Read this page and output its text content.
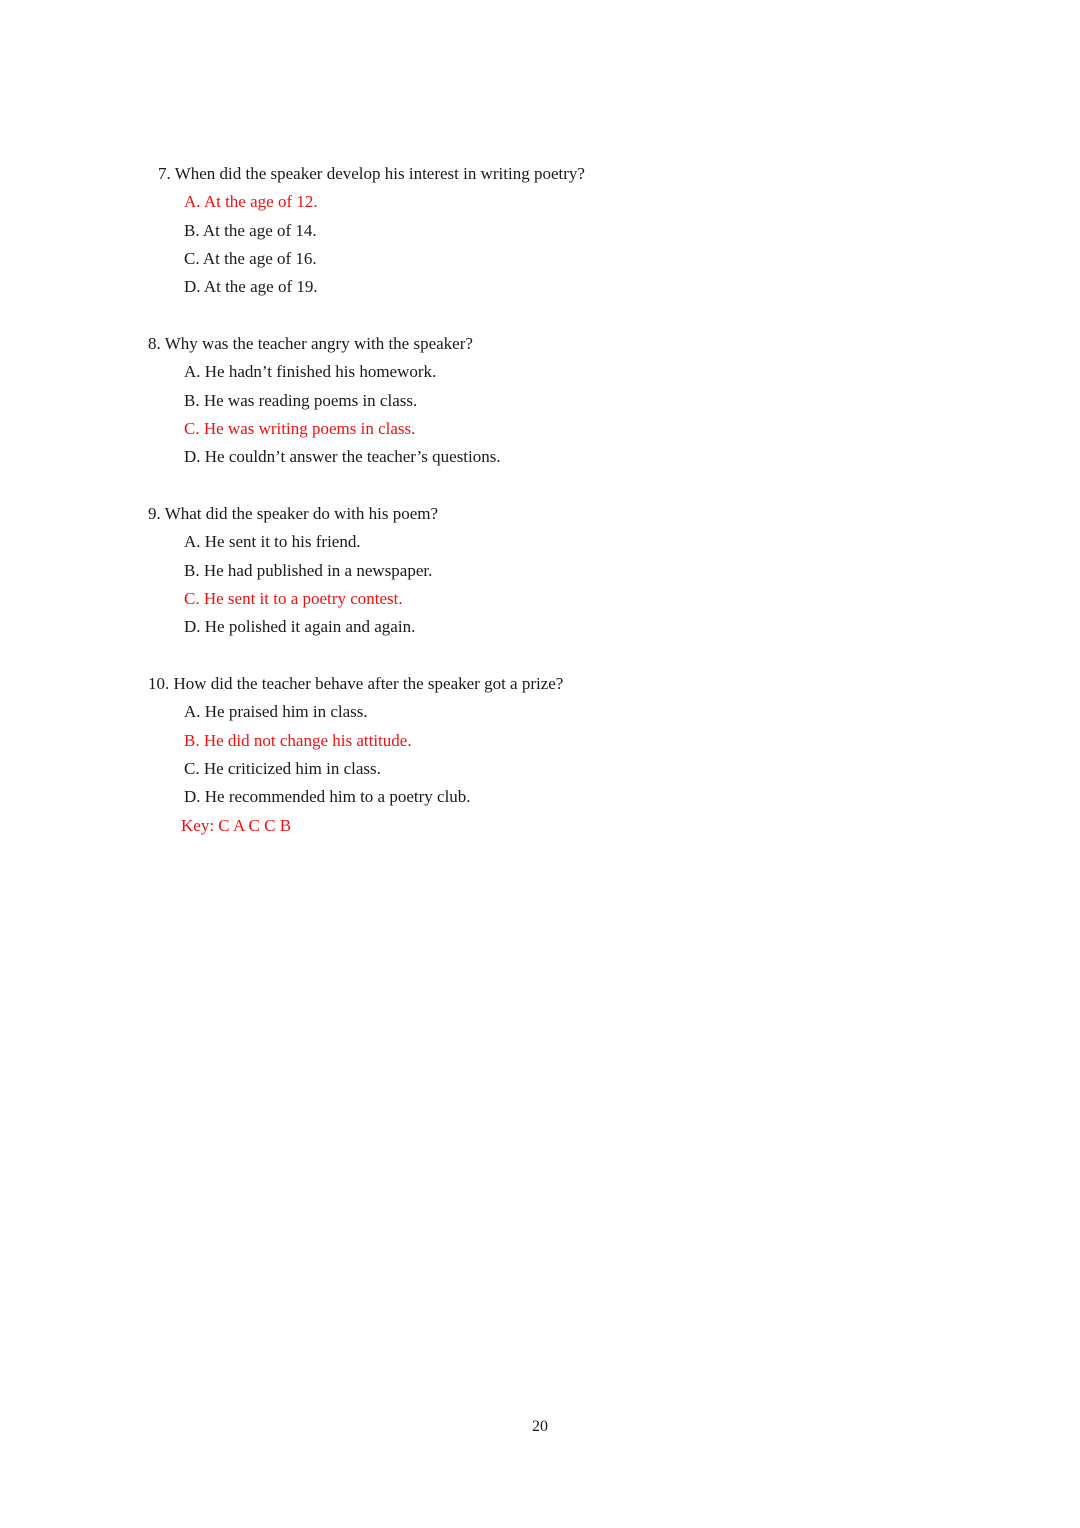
7. When did the speaker develop his interest in writing poetry?
A. At the age of 12.
B. At the age of 14.
C. At the age of 16.
D. At the age of 19.
8. Why was the teacher angry with the speaker?
A. He hadn’t finished his homework.
B. He was reading poems in class.
C. He was writing poems in class.
D. He couldn’t answer the teacher’s questions.
9. What did the speaker do with his poem?
A. He sent it to his friend.
B. He had published in a newspaper.
C. He sent it to a poetry contest.
D. He polished it again and again.
10. How did the teacher behave after the speaker got a prize?
A. He praised him in class.
B. He did not change his attitude.
C. He criticized him in class.
D. He recommended him to a poetry club.
Key: C A C C B
20
